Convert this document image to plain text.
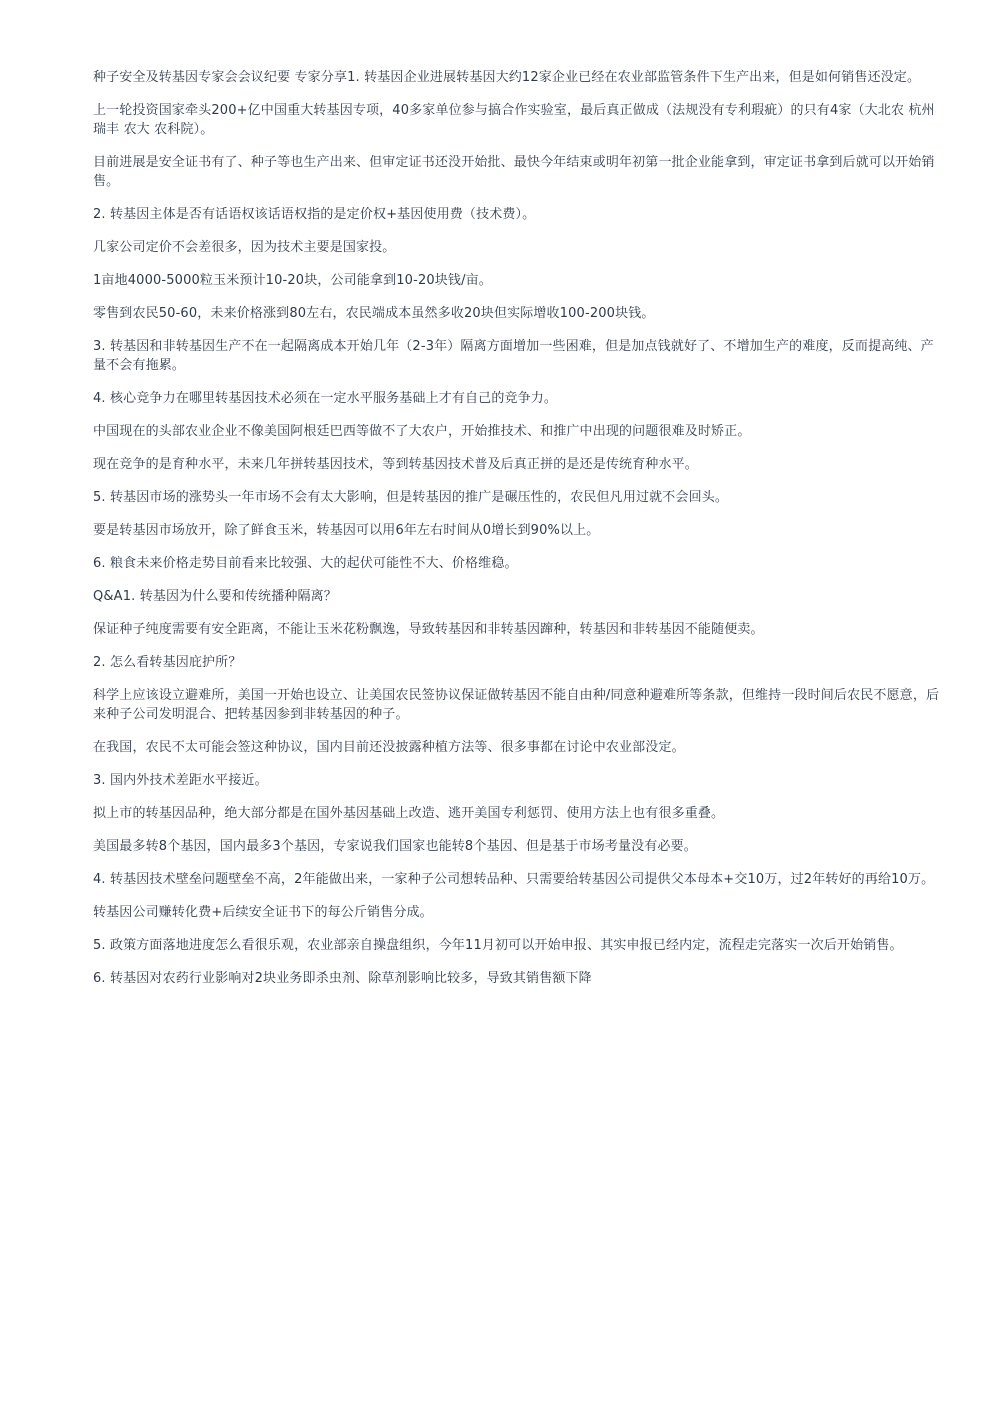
种子安全及转基因专家会会议纪要 专家分享1. 转基因企业进展转基因大约12家企业已经在农业部监管条件下生产出来，但是如何销售还没定。

上一轮投资国家牵头200+亿中国重大转基因专项，40多家单位参与搞合作实验室，最后真正做成（法规没有专利瑕疵）的只有4家（大北农 杭州瑞丰 农大 农科院）。

目前进展是安全证书有了、种子等也生产出来、但审定证书还没开始批、最快今年结束或明年初第一批企业能拿到，审定证书拿到后就可以开始销售。

2. 转基因主体是否有话语权该话语权指的是定价权+基因使用费（技术费）。

几家公司定价不会差很多，因为技术主要是国家投。

1亩地4000-5000粒玉米预计10-20块，公司能拿到10-20块钱/亩。

零售到农民50-60，未来价格涨到80左右，农民端成本虽然多收20块但实际增收100-200块钱。

3. 转基因和非转基因生产不在一起隔离成本开始几年（2-3年）隔离方面增加一些困难，但是加点钱就好了、不增加生产的难度，反而提高纯、产量不会有拖累。

4. 核心竞争力在哪里转基因技术必须在一定水平服务基础上才有自己的竞争力。

中国现在的头部农业企业不像美国阿根廷巴西等做不了大农户，开始推技术、和推广中出现的问题很难及时矫正。

现在竞争的是育种水平，未来几年拼转基因技术，等到转基因技术普及后真正拼的是还是传统育种水平。

5. 转基因市场的涨势头一年市场不会有太大影响，但是转基因的推广是碾压性的，农民但凡用过就不会回头。

要是转基因市场放开，除了鲜食玉米，转基因可以用6年左右时间从0增长到90%以上。

6. 粮食未来价格走势目前看来比较强、大的起伏可能性不大、价格维稳。

Q&A1. 转基因为什么要和传统播种隔离？

保证种子纯度需要有安全距离，不能让玉米花粉飘逸，导致转基因和非转基因蹿种，转基因和非转基因不能随便卖。

2. 怎么看转基因庇护所？

科学上应该设立避难所，美国一开始也设立、让美国农民签协议保证做转基因不能自由种/同意种避难所等条款，但维持一段时间后农民不愿意，后来种子公司发明混合、把转基因参到非转基因的种子。

在我国，农民不太可能会签这种协议，国内目前还没披露种植方法等、很多事都在讨论中农业部没定。

3. 国内外技术差距水平接近。

拟上市的转基因品种，绝大部分都是在国外基因基础上改造、逃开美国专利惩罚、使用方法上也有很多重叠。

美国最多转8个基因，国内最多3个基因，专家说我们国家也能转8个基因、但是基于市场考量没有必要。

4. 转基因技术壁垒问题壁垒不高，2年能做出来，一家种子公司想转品种、只需要给转基因公司提供父本母本+交10万，过2年转好的再给10万。

转基因公司赚转化费+后续安全证书下的每公斤销售分成。

5. 政策方面落地进度怎么看很乐观，农业部亲自操盘组织，今年11月初可以开始申报、其实申报已经内定，流程走完落实一次后开始销售。

6. 转基因对农药行业影响对2块业务即杀虫剂、除草剂影响比较多，导致其销售额下降
